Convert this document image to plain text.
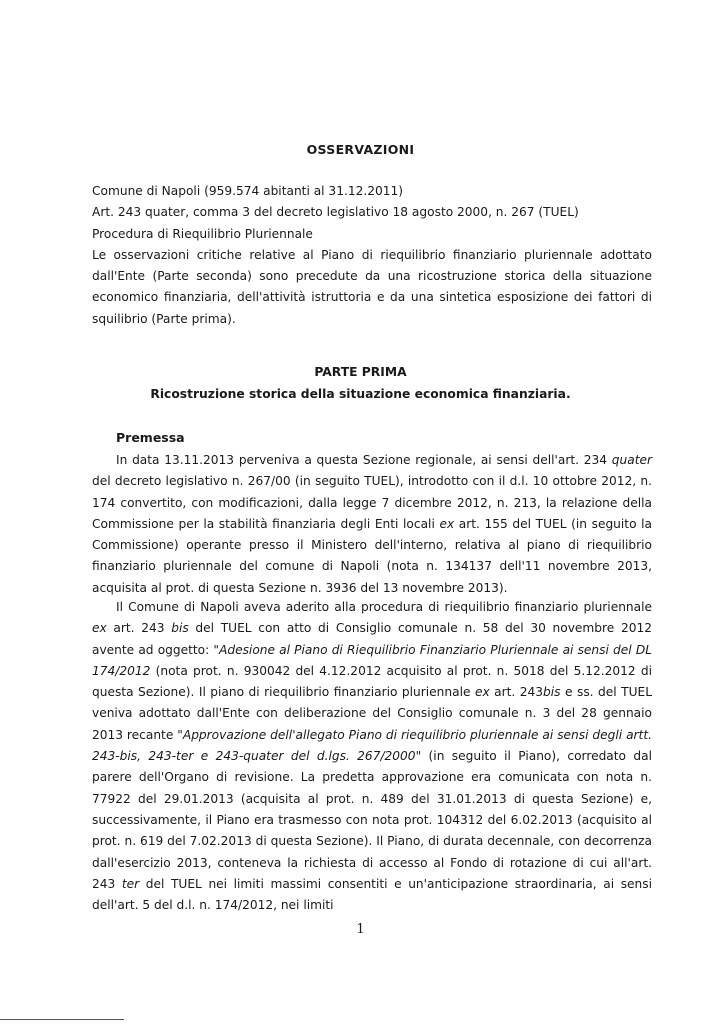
OSSERVAZIONI

Comune di Napoli (959.574 abitanti al 31.12.2011)
Art. 243 quater, comma 3 del decreto legislativo 18 agosto 2000, n. 267 (TUEL)
Procedura di Riequilibrio Pluriennale
Le osservazioni critiche relative al Piano di riequilibrio finanziario pluriennale adottato dall'Ente (Parte seconda) sono precedute da una ricostruzione storica della situazione economico finanziaria, dell'attività istruttoria e da una sintetica esposizione dei fattori di squilibrio (Parte prima).

PARTE PRIMA
Ricostruzione storica della situazione economica finanziaria.
Premessa

In data 13.11.2013 perveniva a questa Sezione regionale, ai sensi dell'art. 234 quater del decreto legislativo n. 267/00 (in seguito TUEL), introdotto con il d.l. 10 ottobre 2012, n. 174 convertito, con modificazioni, dalla legge 7 dicembre 2012, n. 213, la relazione della Commissione per la stabilità finanziaria degli Enti locali ex art. 155 del TUEL (in seguito la Commissione) operante presso il Ministero dell'interno, relativa al piano di riequilibrio finanziario pluriennale del comune di Napoli (nota n. 134137 dell'11 novembre 2013, acquisita al prot. di questa Sezione n. 3936 del 13 novembre 2013).

Il Comune di Napoli aveva aderito alla procedura di riequilibrio finanziario pluriennale ex art. 243 bis del TUEL con atto di Consiglio comunale n. 58 del 30 novembre 2012 avente ad oggetto: "Adesione al Piano di Riequilibrio Finanziario Pluriennale ai sensi del DL 174/2012 (nota prot. n. 930042 del 4.12.2012 acquisito al prot. n. 5018 del 5.12.2012 di questa Sezione). Il piano di riequilibrio finanziario pluriennale ex art. 243bis e ss. del TUEL veniva adottato dall'Ente con deliberazione del Consiglio comunale n. 3 del 28 gennaio 2013 recante "Approvazione dell'allegato Piano di riequilibrio pluriennale ai sensi degli artt. 243-bis, 243-ter e 243-quater del d.lgs. 267/2000" (in seguito il Piano), corredato dal parere dell'Organo di revisione. La predetta approvazione era comunicata con nota n. 77922 del 29.01.2013 (acquisita al prot. n. 489 del 31.01.2013 di questa Sezione) e, successivamente, il Piano era trasmesso con nota prot. 104312 del 6.02.2013 (acquisito al prot. n. 619 del 7.02.2013 di questa Sezione). Il Piano, di durata decennale, con decorrenza dall'esercizio 2013, conteneva la richiesta di accesso al Fondo di rotazione di cui all'art. 243 ter del TUEL nei limiti massimi consentiti e un'anticipazione straordinaria, ai sensi dell'art. 5 del d.l. n. 174/2012, nei limiti

1
